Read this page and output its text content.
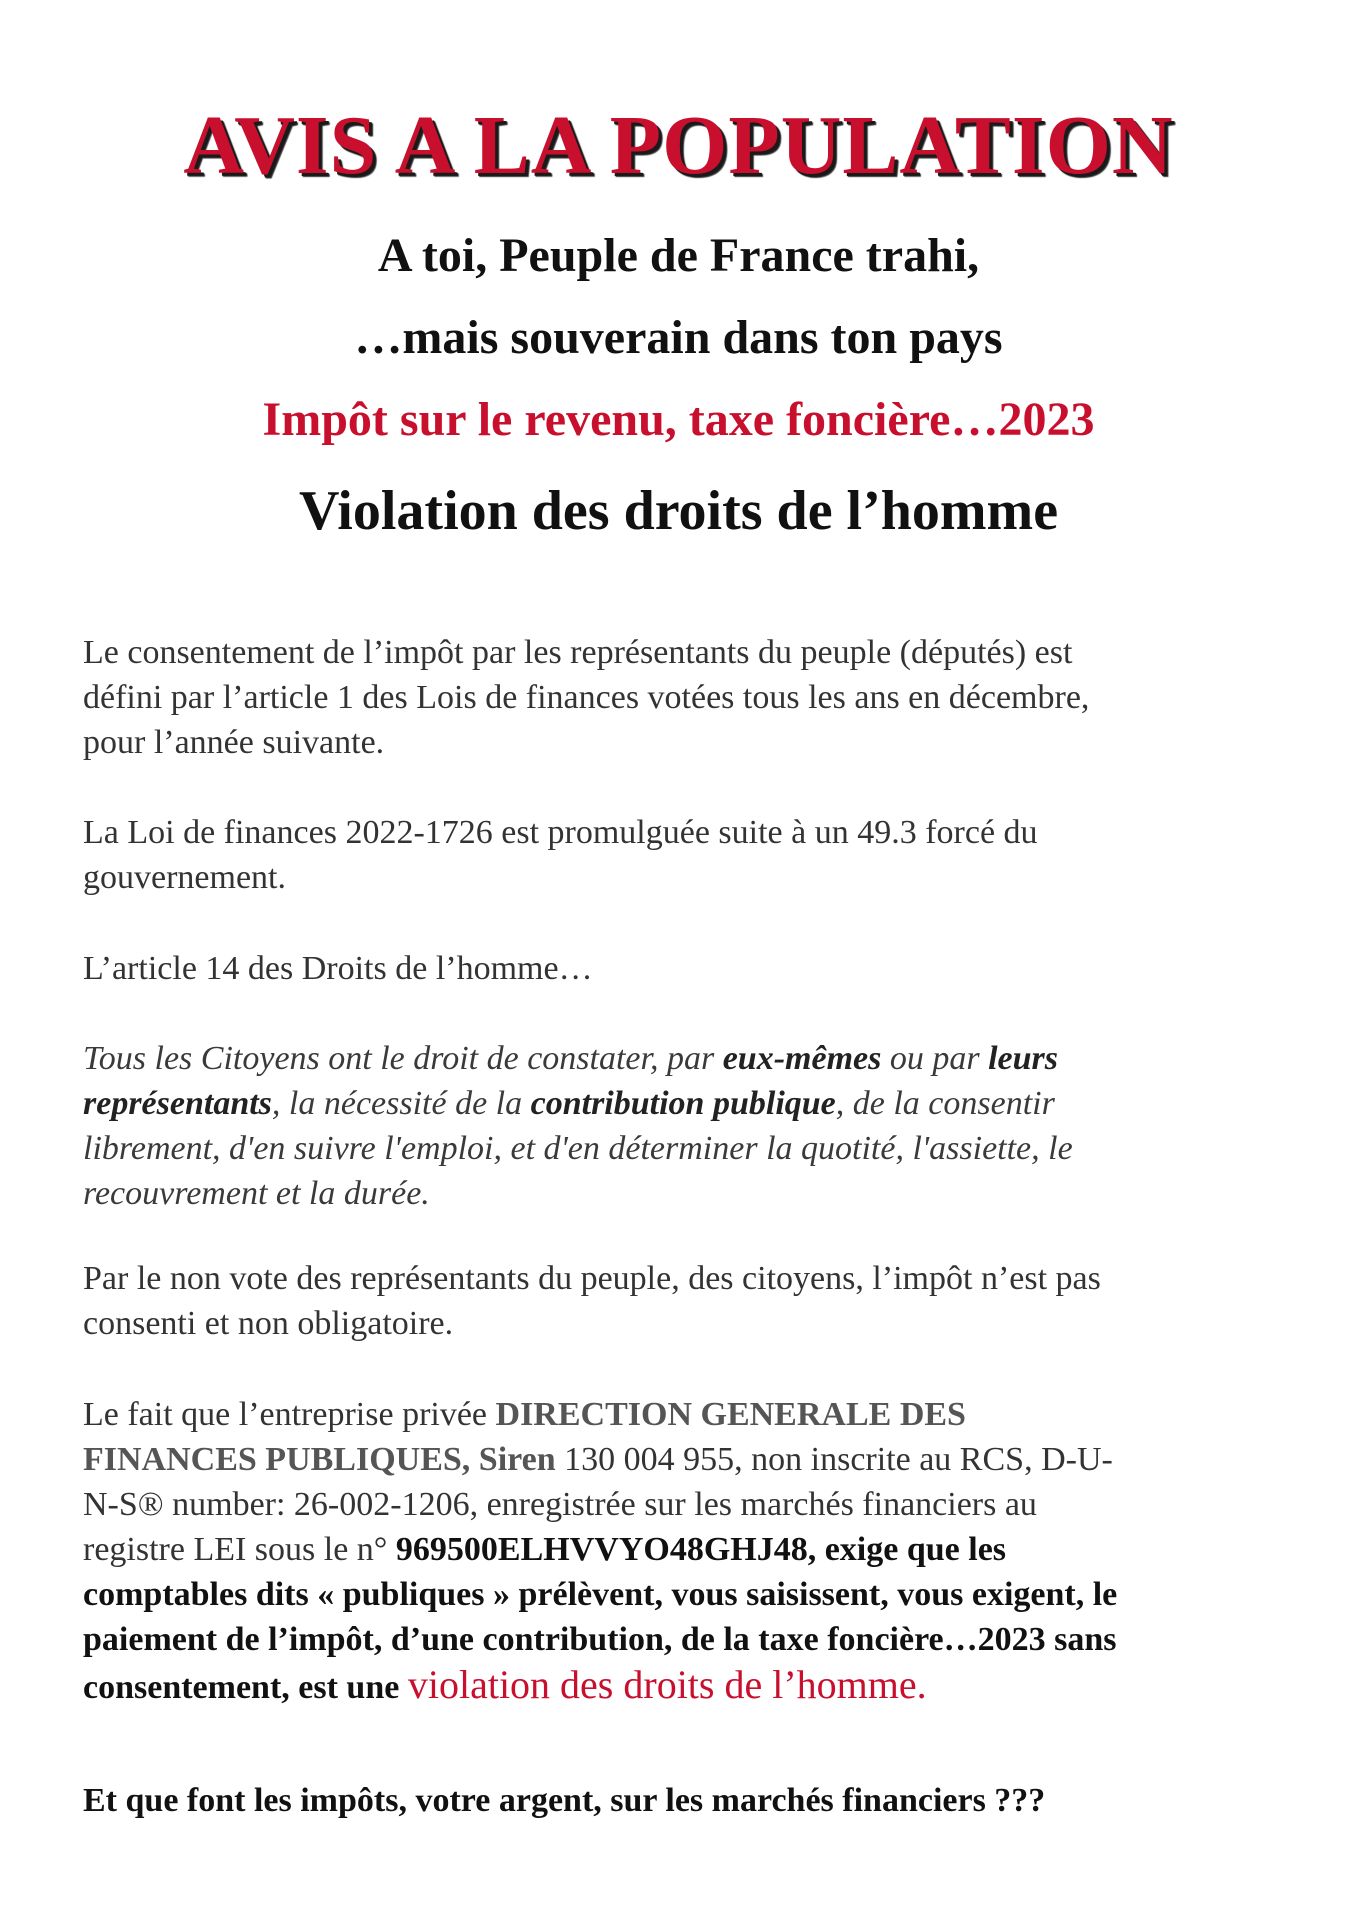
AVIS A LA POPULATION
A toi, Peuple de France trahi,
…mais souverain dans ton pays
Impôt sur le revenu, taxe foncière…2023
Violation des droits de l’homme
Le consentement de l’impôt par les représentants du peuple (députés) est
défini par l’article 1 des Lois de finances votées tous les ans en décembre,
pour l’année suivante.
La Loi de finances 2022-1726 est promulguée suite à un 49.3 forcé du
gouvernement.
L’article 14 des Droits de l’homme…
Tous les Citoyens ont le droit de constater, par eux-mêmes ou par leurs
représentants, la nécessité de la contribution publique, de la consentir
librement, d'en suivre l'emploi, et d'en déterminer la quotité, l'assiette, le
recouvrement et la durée.
Par le non vote des représentants du peuple, des citoyens, l’impôt n’est pas
consenti et non obligatoire.
Le fait que l’entreprise privée DIRECTION GENERALE DES
FINANCES PUBLIQUES, Siren 130 004 955, non inscrite au RCS, D-U-
N-S® number: 26-002-1206, enregistrée sur les marchés financiers au
registre LEI sous le n° 969500ELHVVYO48GHJ48, exige que les
comptables dits « publiques » prélèvent, vous saisissent, vous exigent, le
paiement de l’impôt, d’une contribution, de la taxe foncière…2023 sans
consentement, est une violation des droits de l’homme.
Et que font les impôts, votre argent, sur les marchés financiers ???
